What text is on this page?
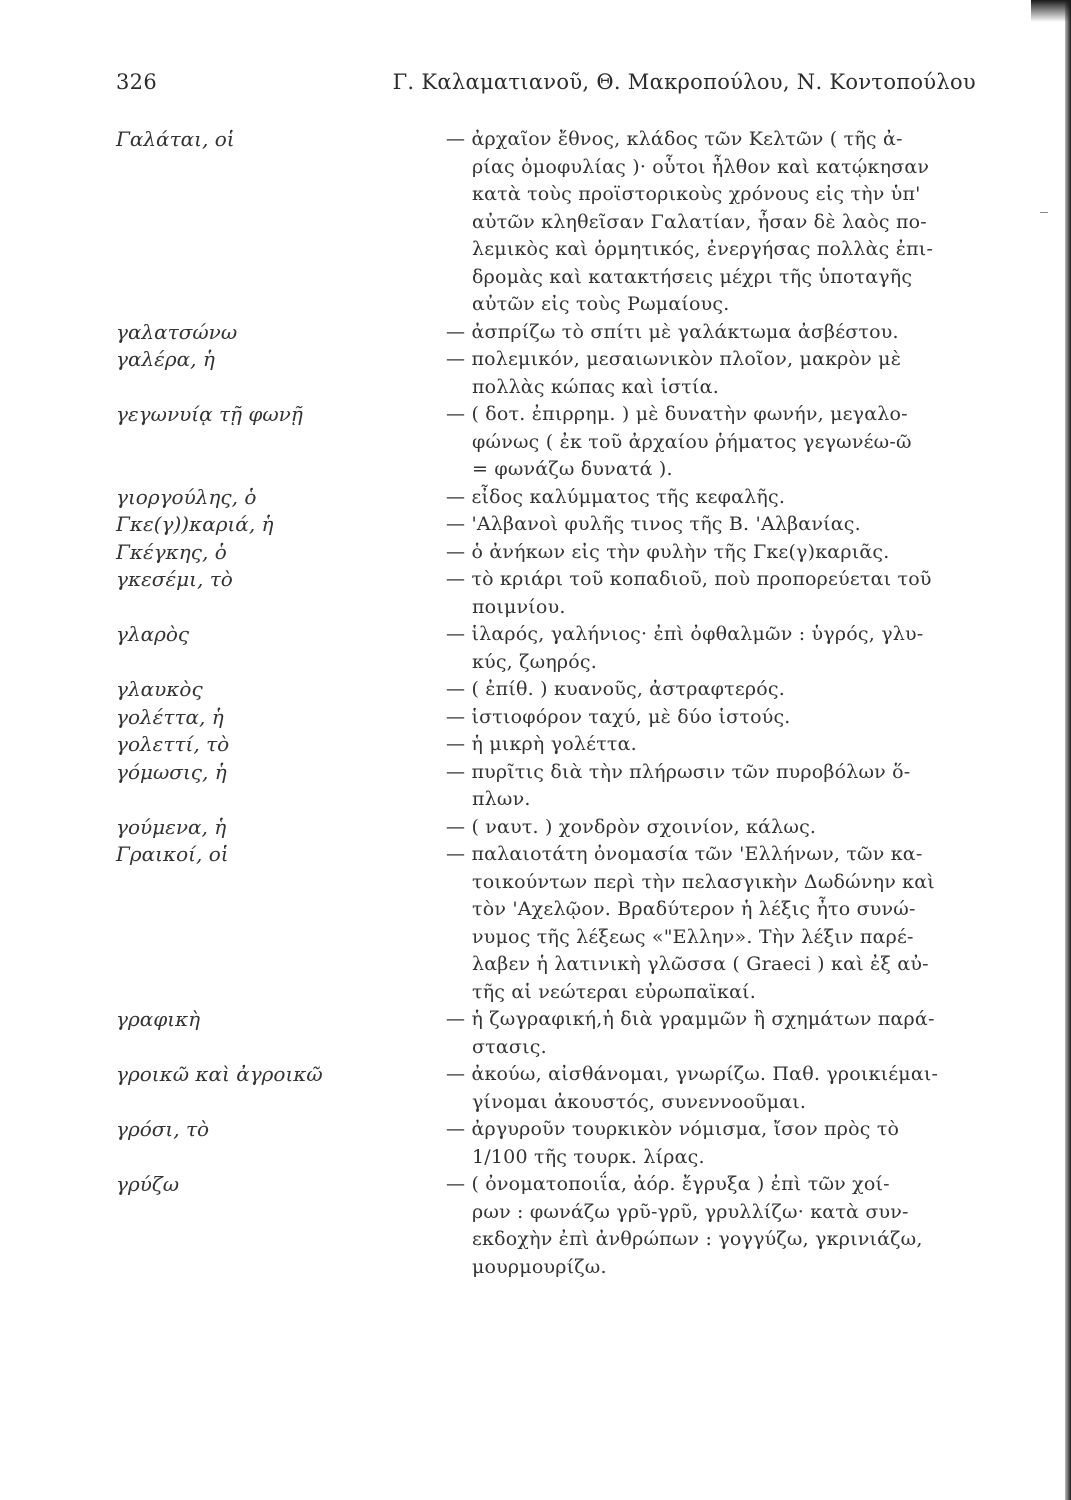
326	Γ. Καλαματιανοῦ, Θ. Μακροπούλου, Ν. Κοντοπούλου
Γαλάται, οἱ	— ἀρχαῖον ἔθνος, κλάδος τῶν Κελτῶν ( τῆς ἀ-
ρίας ὁμοφυλίας )· οὗτοι ἦλθον καὶ κατῴκησαν
κατὰ τοὺς προϊστορικοὺς χρόνους εἰς τὴν ὑπ'
αὐτῶν κληθεῖσαν Γαλατίαν, ἦσαν δὲ λαὸς πο-
λεμικὸς καὶ ὁρμητικός, ἐνεργήσας πολλὰς ἐπι-
δρομὰς καὶ κατακτήσεις μέχρι τῆς ὑποταγῆς
αὐτῶν εἰς τοὺς Ρωμαίους.
γαλατσώνω	— ἀσπρίζω τὸ σπίτι μὲ γαλάκτωμα ἀσβέστου.
γαλέρα, ἡ	— πολεμικόν, μεσαιωνικὸν πλοῖον, μακρὸν μὲ
πολλὰς κώπας καὶ ἱστία.
γεγωνυίᾳ τῇ φωνῇ	— ( δοτ. ἐπιρρημ. ) μὲ δυνατὴν φωνήν, μεγαλο-
φώνως ( ἐκ τοῦ ἀρχαίου ῥήματος γεγωνέω-ῶ
= φωνάζω δυνατά ).
γιοργούλης, ὁ	— εἶδος καλύμματος τῆς κεφαλῆς.
Γκε(γ))καριά, ἡ	— 'Αλβανοὶ φυλῆς τινος τῆς Β. 'Αλβανίας.
Γκέγκης, ὁ	— ὁ ἀνήκων εἰς τὴν φυλὴν τῆς Γκε(γ)καριᾶς.
γκεσέμι, τὸ	— τὸ κριάρι τοῦ κοπαδιοῦ, ποὺ προπορεύεται τοῦ
ποιμνίου.
γλαρὸς	— ἱλαρός, γαλήνιος· ἐπὶ ὀφθαλμῶν : ὑγρός, γλυ-
κύς, ζωηρός.
γλαυκὸς	— ( ἐπίθ. ) κυανοῦς, ἀστραφτερός.
γολέττα, ἡ	— ἱστιοφόρον ταχύ, μὲ δύο ἱστούς.
γολεττί, τὸ	— ἡ μικρὴ γολέττα.
γόμωσις, ἡ	— πυρῖτις διὰ τὴν πλήρωσιν τῶν πυροβόλων ὅ-
πλων.
γούμενα, ἡ	— ( ναυτ. ) χονδρὸν σχοινίον, κάλως.
Γραικοί, οἱ	— παλαιοτάτη ὀνομασία τῶν 'Ελλήνων, τῶν κα-
τοικούντων περὶ τὴν πελασγικὴν Δωδώνην καὶ
τὸν 'Αχελῷον. Βραδύτερον ἡ λέξις ἦτο συνώ-
νυμος τῆς λέξεως «"Ελλην». Τὴν λέξιν παρέ-
λαβεν ἡ λατινικὴ γλῶσσα ( Graeci ) καὶ ἐξ αὐ-
τῆς αἱ νεώτεραι εὐρωπαϊκαί.
γραφικὴ	— ἡ ζωγραφική,ἡ διὰ γραμμῶν ἢ σχημάτων παρά-
στασις.
γροικῶ καὶ ἀγροικῶ	— ἀκούω, αἰσθάνομαι, γνωρίζω. Παθ. γροικιέμαι-
γίνομαι ἀκουστός, συνεννοοῦμαι.
γρόσι, τὸ	— ἀργυροῦν τουρκικὸν νόμισμα, ἴσον πρὸς τὸ
1/100 τῆς τουρκ. λίρας.
γρύζω	— ( ὀνοματοποιΐα, ἀόρ. ἔγρυξα ) ἐπὶ τῶν χοί-
ρων : φωνάζω γρῦ-γρῦ, γρυλλίζω· κατὰ συν-
εκδοχὴν ἐπὶ ἀνθρώπων : γογγύζω, γκρινιάζω,
μουρμουρίζω.
